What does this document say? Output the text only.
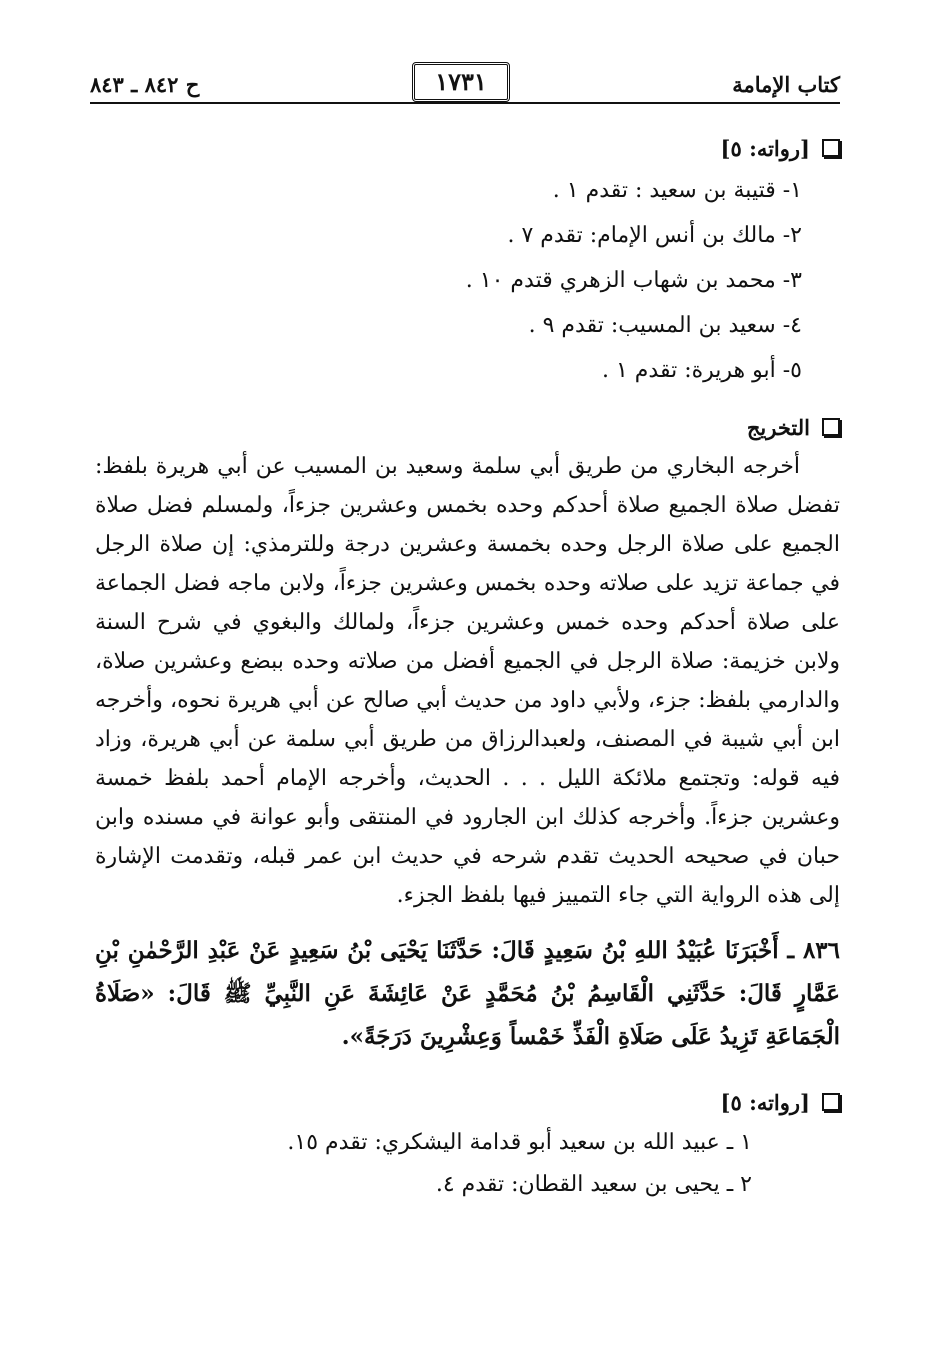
كتاب الإمامة
١٧٣١
ح ٨٤٢ ـ ٨٤٣
[رواته: ٥]
١- قتيبة بن سعيد : تقدم ١ .
٢- مالك بن أنس الإمام: تقدم ٧ .
٣- محمد بن شهاب الزهري قتدم ١٠ .
٤- سعيد بن المسيب: تقدم ٩ .
٥- أبو هريرة: تقدم ١ .
التخريج

أخرجه البخاري من طريق أبي سلمة وسعيد بن المسيب عن أبي هريرة بلفظ: تفضل صلاة الجميع صلاة أحدكم وحده بخمس وعشرين جزءاً، ولمسلم فضل صلاة الجميع على صلاة الرجل وحده بخمسة وعشرين درجة وللترمذي: إن صلاة الرجل في جماعة تزيد على صلاته وحده بخمس وعشرين جزءاً، ولابن ماجه فضل الجماعة على صلاة أحدكم وحده خمس وعشرين جزءاً، ولمالك والبغوي في شرح السنة ولابن خزيمة: صلاة الرجل في الجميع أفضل من صلاته وحده ببضع وعشرين صلاة، والدارمي بلفظ: جزء، ولأبي داود من حديث أبي صالح عن أبي هريرة نحوه، وأخرجه ابن أبي شيبة في المصنف، ولعبدالرزاق من طريق أبي سلمة عن أبي هريرة، وزاد فيه قوله: وتجتمع ملائكة الليل . . . الحديث، وأخرجه الإمام أحمد بلفظ خمسة وعشرين جزءاً. وأخرجه كذلك ابن الجارود في المنتقى وأبو عوانة في مسنده وابن حبان في صحيحه الحديث تقدم شرحه في حديث ابن عمر قبله، وتقدمت الإشارة إلى هذه الرواية التي جاء التمييز فيها بلفظ الجزء.

٨٣٦ ـ أَخْبَرَنَا عُبَيْدُ اللهِ بْنُ سَعِيدٍ قَالَ: حَدَّثَنَا يَحْيَى بْنُ سَعِيدٍ عَنْ عَبْدِ الرَّحْمٰنِ بْنِ عَمَّارٍ قَالَ: حَدَّثَنِي الْقَاسِمُ بْنُ مُحَمَّدٍ عَنْ عَائِشَةَ عَنِ النَّبِيِّ ﷺ قَالَ: «صَلَاةُ الْجَمَاعَةِ تَزِيدُ عَلَى صَلَاةِ الْفَذِّ خَمْساً وَعِشْرِينَ دَرَجَةً».

[رواته: ٥]
١ ـ عبيد الله بن سعيد أبو قدامة اليشكري: تقدم ١٥.
٢ ـ يحيى بن سعيد القطان: تقدم ٤.
